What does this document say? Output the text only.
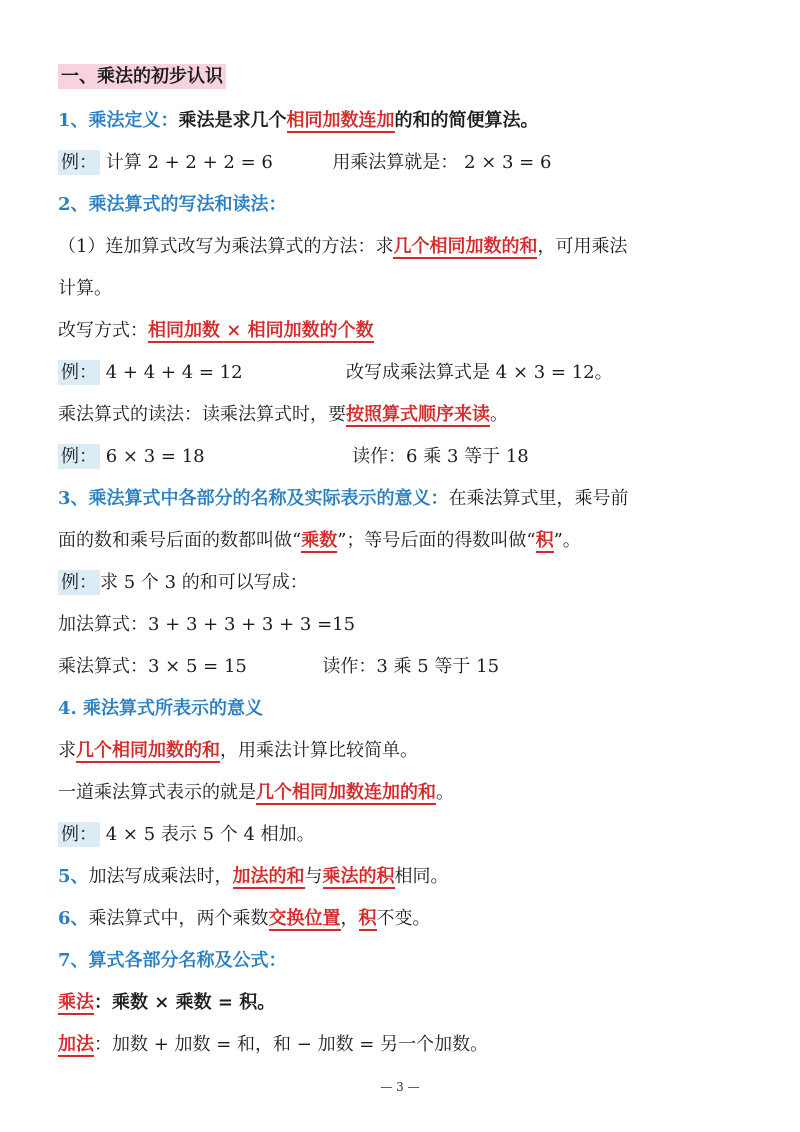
一、乘法的初步认识
1、乘法定义：乘法是求几个相同加数连加的和的简便算法。
例： 计算 2 + 2 + 2 = 6	用乘法算就是： 2 × 3 = 6
2、乘法算式的写法和读法：
（1）连加算式改写为乘法算式的方法：求几个相同加数的和，可用乘法
计算。
改写方式：相同加数 × 相同加数的个数
例： 4 + 4 + 4 = 12	改写成乘法算式是 4 × 3 = 12。
乘法算式的读法：读乘法算式时，要按照算式顺序来读。
例： 6 × 3 = 18	读作：6 乘 3 等于 18
3、乘法算式中各部分的名称及实际表示的意义：在乘法算式里，乘号前
面的数和乘号后面的数都叫做“乘数”；等号后面的得数叫做“积”。
例： 求 5 个 3 的和可以写成：
加法算式：3 + 3 + 3 + 3 + 3 =15
乘法算式：3 × 5 = 15	读作：3 乘 5 等于 15
4. 乘法算式所表示的意义
求几个相同加数的和，用乘法计算比较简单。
一道乘法算式表示的就是几个相同加数连加的和。
例： 4 × 5 表示 5 个 4 相加。
5、加法写成乘法时，加法的和与乘法的积相同。
6、乘法算式中，两个乘数交换位置，积不变。
7、算式各部分名称及公式：
乘法：乘数 × 乘数 = 积。
加法：加数 + 加数 = 和，和 − 加数 = 另一个加数。
— 3 —
